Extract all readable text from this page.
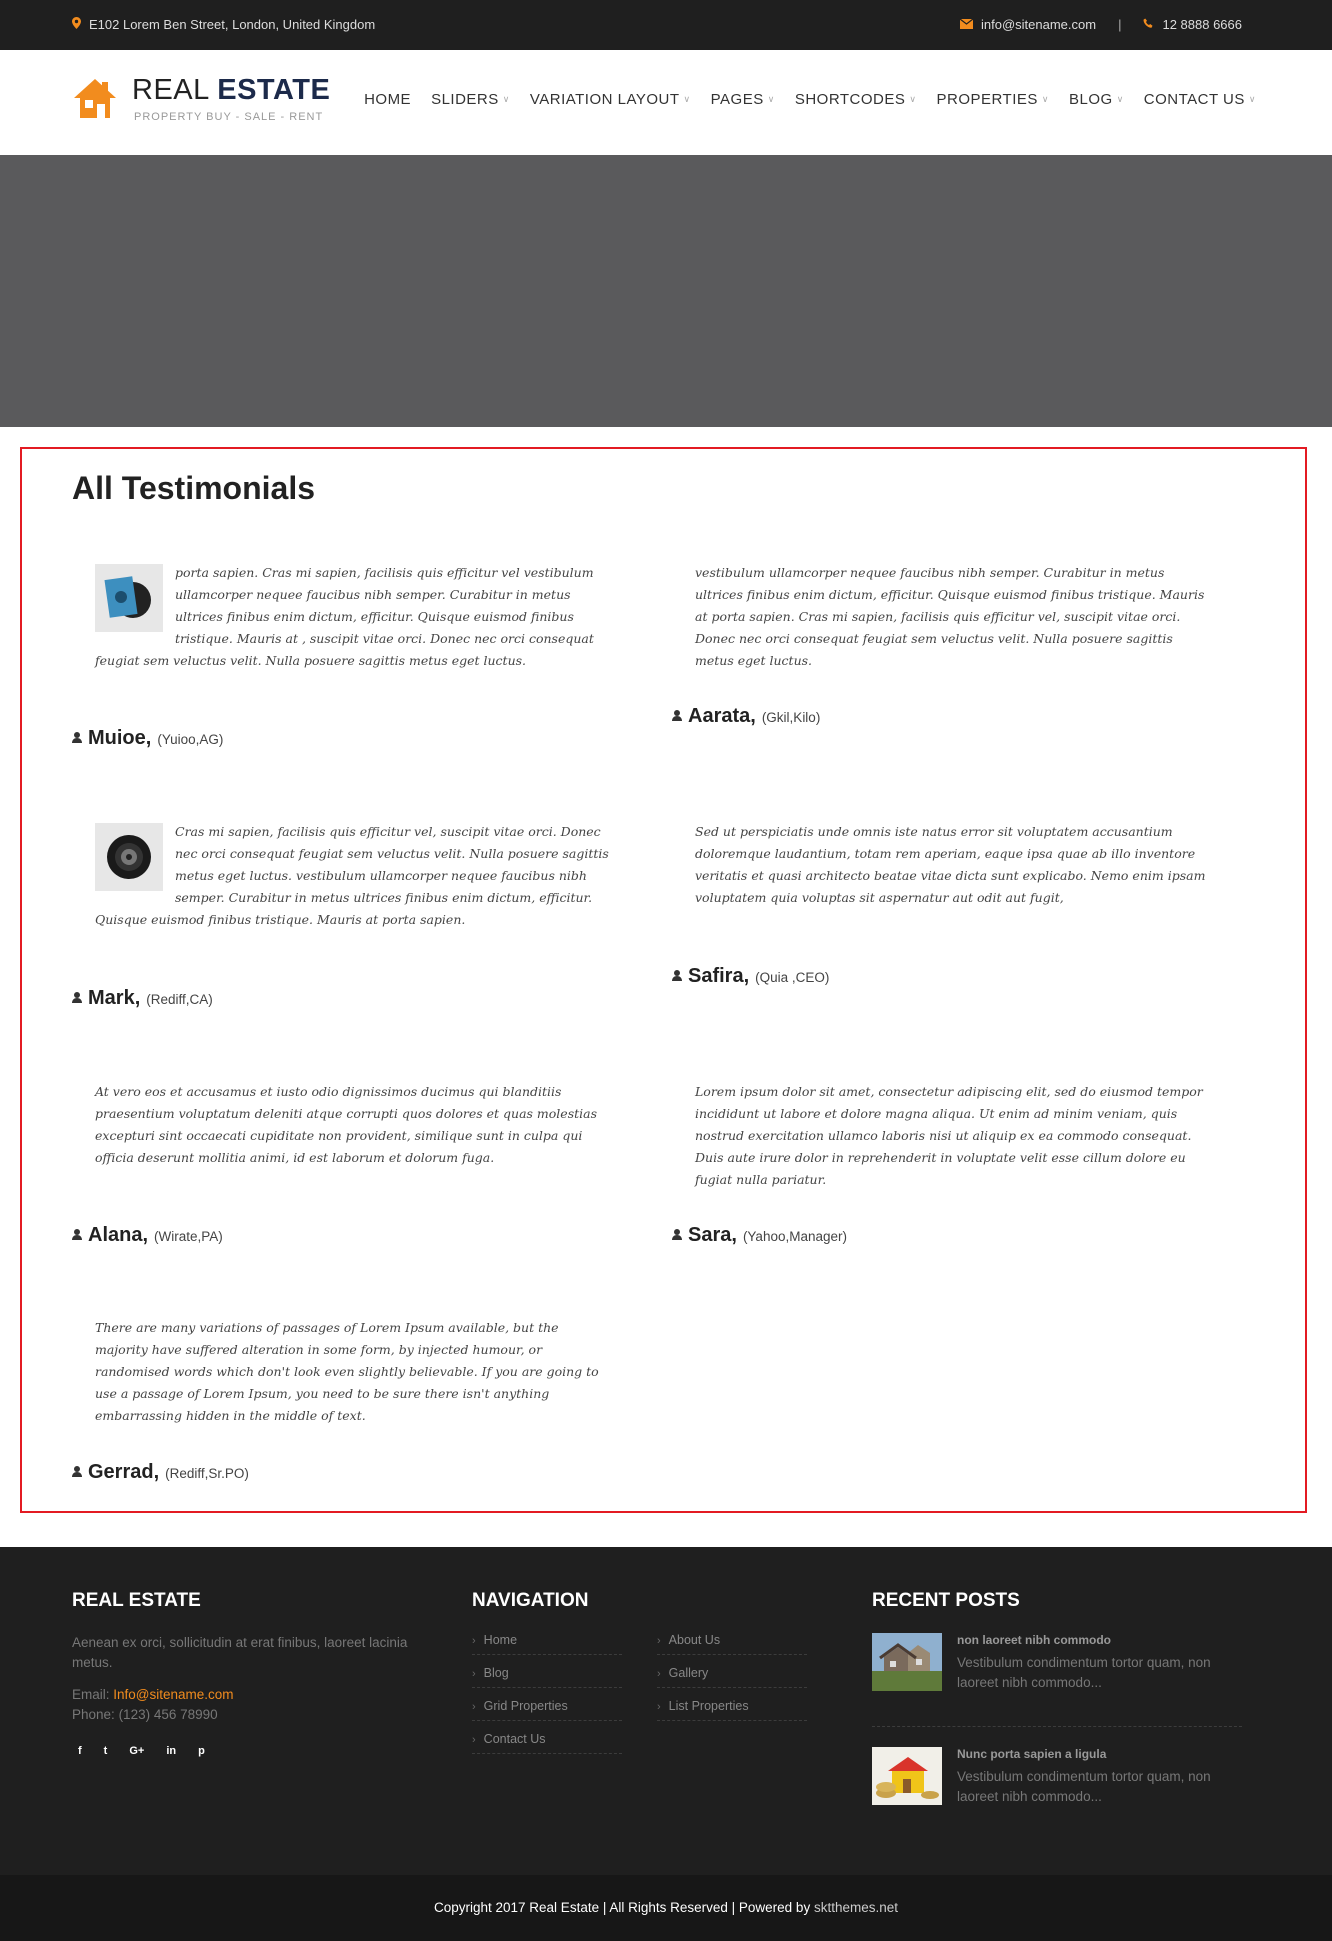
E102 Lorem Ben Street, London, United Kingdom	info@sitename.com |	12 8888 6666
REAL ESTATE
PROPERTY BUY - SALE - RENT
HOME SLIDERS ∨ VARIATION LAYOUT ∨ PAGES ∨ SHORTCODES ∨ PROPERTIES ∨ BLOG ∨ CONTACT US ∨
All Testimonials
porta sapien. Cras mi sapien, facilisis quis efficitur vel vestibulum ullamcorper nequee faucibus nibh semper. Curabitur in metus ultrices finibus enim dictum, efficitur. Quisque euismod finibus tristique. Mauris at , suscipit vitae orci. Donec nec orci consequat feugiat sem veluctus velit. Nulla posuere sagittis metus eget luctus.
Muioe, (Yuioo,AG)
vestibulum ullamcorper nequee faucibus nibh semper. Curabitur in metus ultrices finibus enim dictum, efficitur. Quisque euismod finibus tristique. Mauris at porta sapien. Cras mi sapien, facilisis quis efficitur vel, suscipit vitae orci. Donec nec orci consequat feugiat sem veluctus velit. Nulla posuere sagittis metus eget luctus.
Aarata, (Gkil,Kilo)
Cras mi sapien, facilisis quis efficitur vel, suscipit vitae orci. Donec nec orci consequat feugiat sem veluctus velit. Nulla posuere sagittis metus eget luctus. vestibulum ullamcorper nequee faucibus nibh semper. Curabitur in metus ultrices finibus enim dictum, efficitur. Quisque euismod finibus tristique. Mauris at porta sapien.
Mark, (Rediff,CA)
Sed ut perspiciatis unde omnis iste natus error sit voluptatem accusantium doloremque laudantium, totam rem aperiam, eaque ipsa quae ab illo inventore veritatis et quasi architecto beatae vitae dicta sunt explicabo. Nemo enim ipsam voluptatem quia voluptas sit aspernatur aut odit aut fugit,
Safira, (Quia ,CEO)
At vero eos et accusamus et iusto odio dignissimos ducimus qui blanditiis praesentium voluptatum deleniti atque corrupti quos dolores et quas molestias excepturi sint occaecati cupiditate non provident, similique sunt in culpa qui officia deserunt mollitia animi, id est laborum et dolorum fuga.
Alana, (Wirate,PA)
Lorem ipsum dolor sit amet, consectetur adipiscing elit, sed do eiusmod tempor incididunt ut labore et dolore magna aliqua. Ut enim ad minim veniam, quis nostrud exercitation ullamco laboris nisi ut aliquip ex ea commodo consequat. Duis aute irure dolor in reprehenderit in voluptate velit esse cillum dolore eu fugiat nulla pariatur.
Sara, (Yahoo,Manager)
There are many variations of passages of Lorem Ipsum available, but the majority have suffered alteration in some form, by injected humour, or randomised words which don't look even slightly believable. If you are going to use a passage of Lorem Ipsum, you need to be sure there isn't anything embarrassing hidden in the middle of text.
Gerrad, (Rediff,Sr.PO)
REAL ESTATE
Aenean ex orci, sollicitudin at erat finibus, laoreet lacinia metus.
Email: Info@sitename.com
Phone: (123) 456 78990
f t G+ in p
NAVIGATION
› Home
› Blog
› Grid Properties
› Contact Us
› About Us
› Gallery
› List Properties
RECENT POSTS
non laoreet nibh commodo
Vestibulum condimentum tortor quam, non laoreet nibh commodo...
Nunc porta sapien a ligula
Vestibulum condimentum tortor quam, non laoreet nibh commodo...
Copyright 2017 Real Estate | All Rights Reserved | Powered by sktthemes.net
